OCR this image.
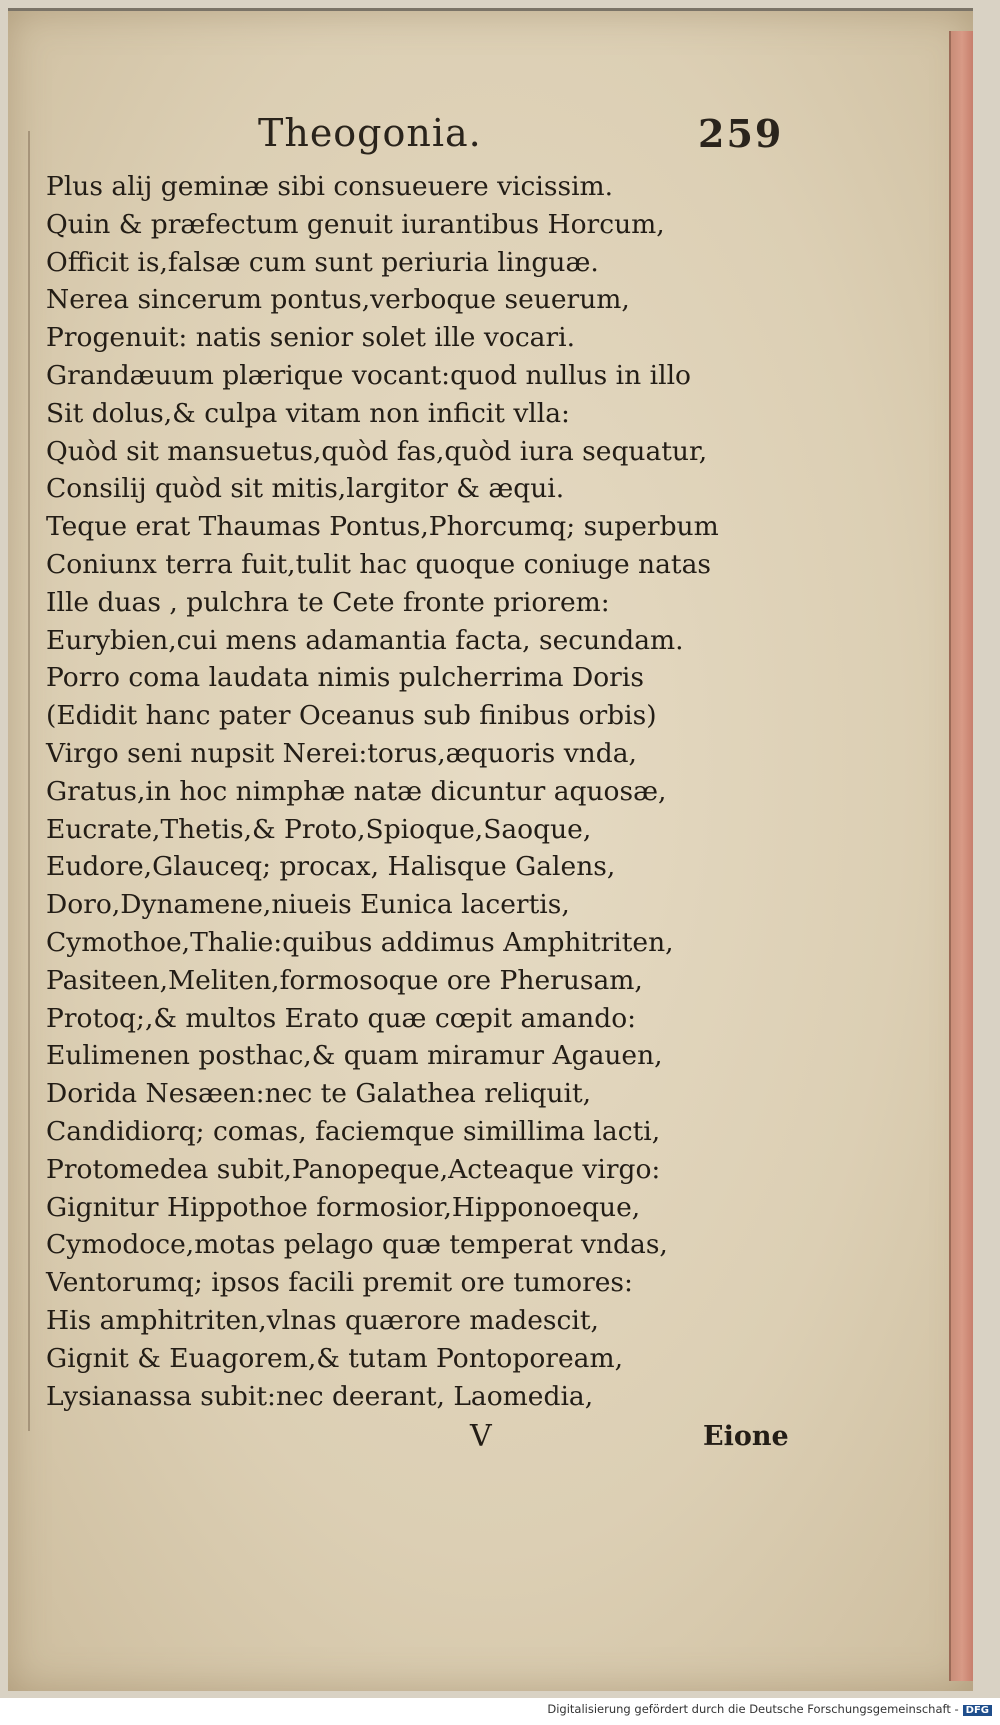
Theogonia.	259
Plus alij geminæ sibi consueuere vicissim.
Quin & præfectum genuit iurantibus Horcum,
Officit is,falsæ cum sunt periuria linguæ.
Nerea sincerum pontus,verboque seuerum,
Progenuit: natis senior solet ille vocari.
Grandæuum plærique vocant:quod nullus in illo
Sit dolus,& culpa vitam non inficit vlla:
Quòd sit mansuetus,quòd fas,quòd iura sequatur,
Consilij quòd sit mitis,largitor & æqui.
Teque erat Thaumas Pontus,Phorcumq; superbum
Coniunx terra fuit,tulit hac quoque coniuge natas
Ille duas , pulchra te Cete fronte priorem:
Eurybien,cui mens adamantia facta, secundam.
Porro coma laudata nimis pulcherrima Doris
(Edidit hanc pater Oceanus sub finibus orbis)
Virgo seni nupsit Nerei:torus,æquoris vnda,
Gratus,in hoc nimphæ natæ dicuntur aquosæ,
Eucrate,Thetis,& Proto,Spioque,Saoque,
Eudore,Glauceq; procax, Halisque Galens,
Doro,Dynamene,niueis Eunica lacertis,
Cymothoe,Thalie:quibus addimus Amphitriten,
Pasiteen,Meliten,formosoque ore Pherusam,
Protoq;,& multos Erato quæ cœpit amando:
Eulimenen posthac,& quam miramur Agauen,
Dorida Nesæen:nec te Galathea reliquit,
Candidiorq; comas, faciemque simillima lacti,
Protomedea subit,Panopeque,Acteaque virgo:
Gignitur Hippothoe formosior,Hipponoeque,
Cymodoce,motas pelago quæ temperat vndas,
Ventorumq; ipsos facili premit ore tumores:
His amphitriten,vlnas quærore madescit,
Gignit & Euagorem,& tutam Pontopoream,
Lysianassa subit:nec deerant, Laomedia,
V	Eione
Digitalisierung gefördert durch die Deutsche Forschungsgemeinschaft - DFG
